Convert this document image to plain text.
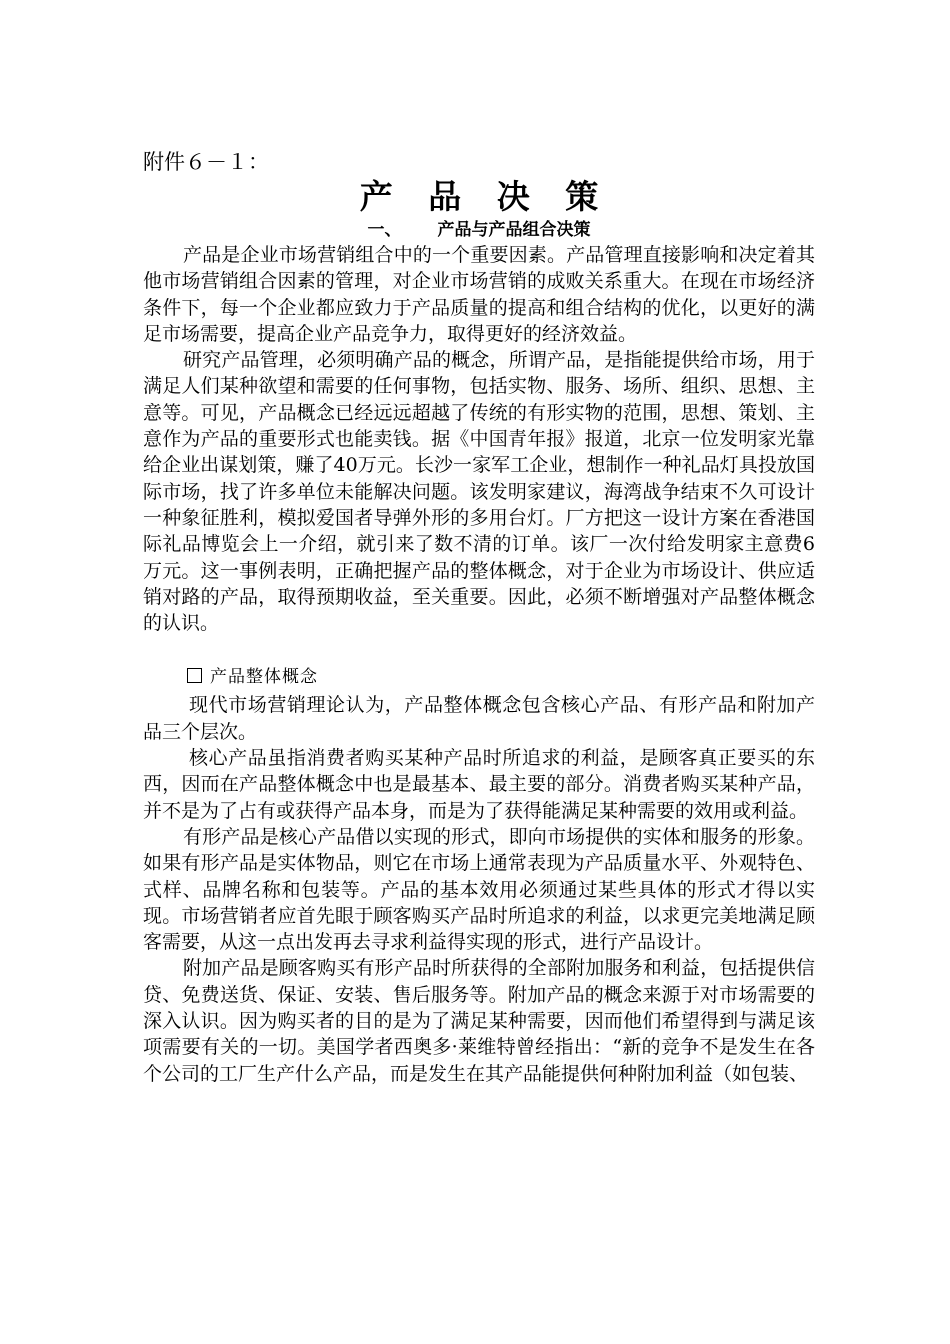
附件６－１：

产 品 决 策
一、 产品与产品组合决策

产品是企业市场营销组合中的一个重要因素。产品管理直接影响和决定着其他市场营销组合因素的管理，对企业市场营销的成败关系重大。在现在市场经济条件下，每一个企业都应致力于产品质量的提高和组合结构的优化，以更好的满足市场需要，提高企业产品竞争力，取得更好的经济效益。

研究产品管理，必须明确产品的概念，所谓产品，是指能提供给市场，用于满足人们某种欲望和需要的任何事物，包括实物、服务、场所、组织、思想、主意等。可见，产品概念已经远远超越了传统的有形实物的范围，思想、策划、主意作为产品的重要形式也能卖钱。据《中国青年报》报道，北京一位发明家光靠给企业出谋划策，赚了40万元。长沙一家军工企业，想制作一种礼品灯具投放国际市场，找了许多单位未能解决问题。该发明家建议，海湾战争结束不久可设计一种象征胜利，模拟爱国者导弹外形的多用台灯。厂方把这一设计方案在香港国际礼品博览会上一介绍，就引来了数不清的订单。该厂一次付给发明家主意费6万元。这一事例表明，正确把握产品的整体概念，对于企业为市场设计、供应适销对路的产品，取得预期收益，至关重要。因此，必须不断增强对产品整体概念的认识。

产品整体概念

现代市场营销理论认为，产品整体概念包含核心产品、有形产品和附加产品三个层次。

核心产品虽指消费者购买某种产品时所追求的利益，是顾客真正要买的东西，因而在产品整体概念中也是最基本、最主要的部分。消费者购买某种产品，并不是为了占有或获得产品本身，而是为了获得能满足某种需要的效用或利益。

有形产品是核心产品借以实现的形式，即向市场提供的实体和服务的形象。如果有形产品是实体物品，则它在市场上通常表现为产品质量水平、外观特色、式样、品牌名称和包装等。产品的基本效用必须通过某些具体的形式才得以实现。市场营销者应首先眼于顾客购买产品时所追求的利益，以求更完美地满足顾客需要，从这一点出发再去寻求利益得实现的形式，进行产品设计。

附加产品是顾客购买有形产品时所获得的全部附加服务和利益，包括提供信贷、免费送货、保证、安装、售后服务等。附加产品的概念来源于对市场需要的深入认识。因为购买者的目的是为了满足某种需要，因而他们希望得到与满足该项需要有关的一切。美国学者西奥多·莱维特曾经指出：“新的竞争不是发生在各个公司的工厂生产什么产品，而是发生在其产品能提供何种附加利益（如包装、
